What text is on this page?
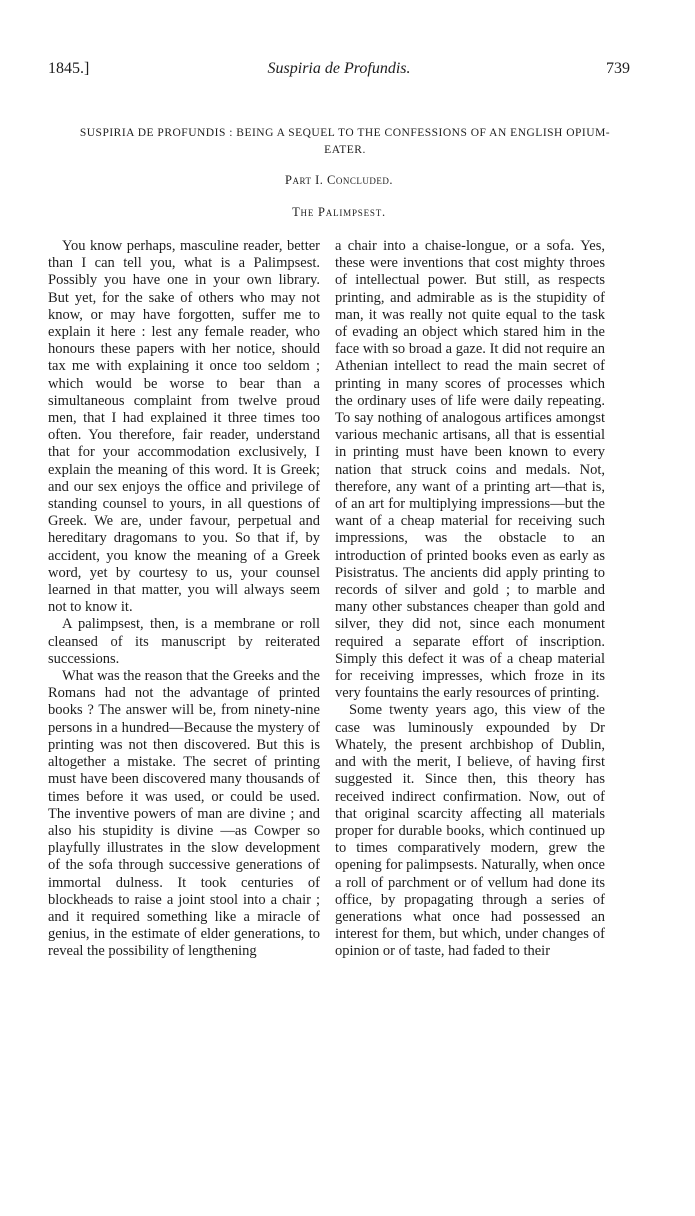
1845.]	Suspiria de Profundis.	739
SUSPIRIA DE PROFUNDIS : BEING A SEQUEL TO THE CONFESSIONS OF AN ENGLISH OPIUM-EATER.
Part I. Concluded.
The Palimpsest.

You know perhaps, masculine reader, better than I can tell you, what is a Palimpsest. Possibly you have one in your own library. But yet, for the sake of others who may not know, or may have forgotten, suffer me to explain it here : lest any female reader, who honours these papers with her notice, should tax me with explaining it once too seldom ; which would be worse to bear than a simultaneous complaint from twelve proud men, that I had explained it three times too often. You therefore, fair reader, understand that for your accommodation exclusively, I explain the meaning of this word. It is Greek; and our sex enjoys the office and privilege of standing counsel to yours, in all questions of Greek. We are, under favour, perpetual and hereditary dragomans to you. So that if, by accident, you know the meaning of a Greek word, yet by courtesy to us, your counsel learned in that matter, you will always seem not to know it.

A palimpsest, then, is a membrane or roll cleansed of its manuscript by reiterated successions.

What was the reason that the Greeks and the Romans had not the advantage of printed books ? The answer will be, from ninety-nine persons in a hundred—Because the mystery of printing was not then discovered. But this is altogether a mistake. The secret of printing must have been discovered many thousands of times before it was used, or could be used. The inventive powers of man are divine ; and also his stupidity is divine —as Cowper so playfully illustrates in the slow development of the sofa through successive generations of immortal dulness. It took centuries of blockheads to raise a joint stool into a chair ; and it required something like a miracle of genius, in the estimate of elder generations, to reveal the possibility of lengthening

a chair into a chaise-longue, or a sofa. Yes, these were inventions that cost mighty throes of intellectual power. But still, as respects printing, and admirable as is the stupidity of man, it was really not quite equal to the task of evading an object which stared him in the face with so broad a gaze. It did not require an Athenian intellect to read the main secret of printing in many scores of processes which the ordinary uses of life were daily repeating. To say nothing of analogous artifices amongst various mechanic artisans, all that is essential in printing must have been known to every nation that struck coins and medals. Not, therefore, any want of a printing art—that is, of an art for multiplying impressions—but the want of a cheap material for receiving such impressions, was the obstacle to an introduction of printed books even as early as Pisistratus. The ancients did apply printing to records of silver and gold ; to marble and many other substances cheaper than gold and silver, they did not, since each monument required a separate effort of inscription. Simply this defect it was of a cheap material for receiving impresses, which froze in its very fountains the early resources of printing.

Some twenty years ago, this view of the case was luminously expounded by Dr Whately, the present archbishop of Dublin, and with the merit, I believe, of having first suggested it. Since then, this theory has received indirect confirmation. Now, out of that original scarcity affecting all materials proper for durable books, which continued up to times comparatively modern, grew the opening for palimpsests. Naturally, when once a roll of parchment or of vellum had done its office, by propagating through a series of generations what once had possessed an interest for them, but which, under changes of opinion or of taste, had faded to their
